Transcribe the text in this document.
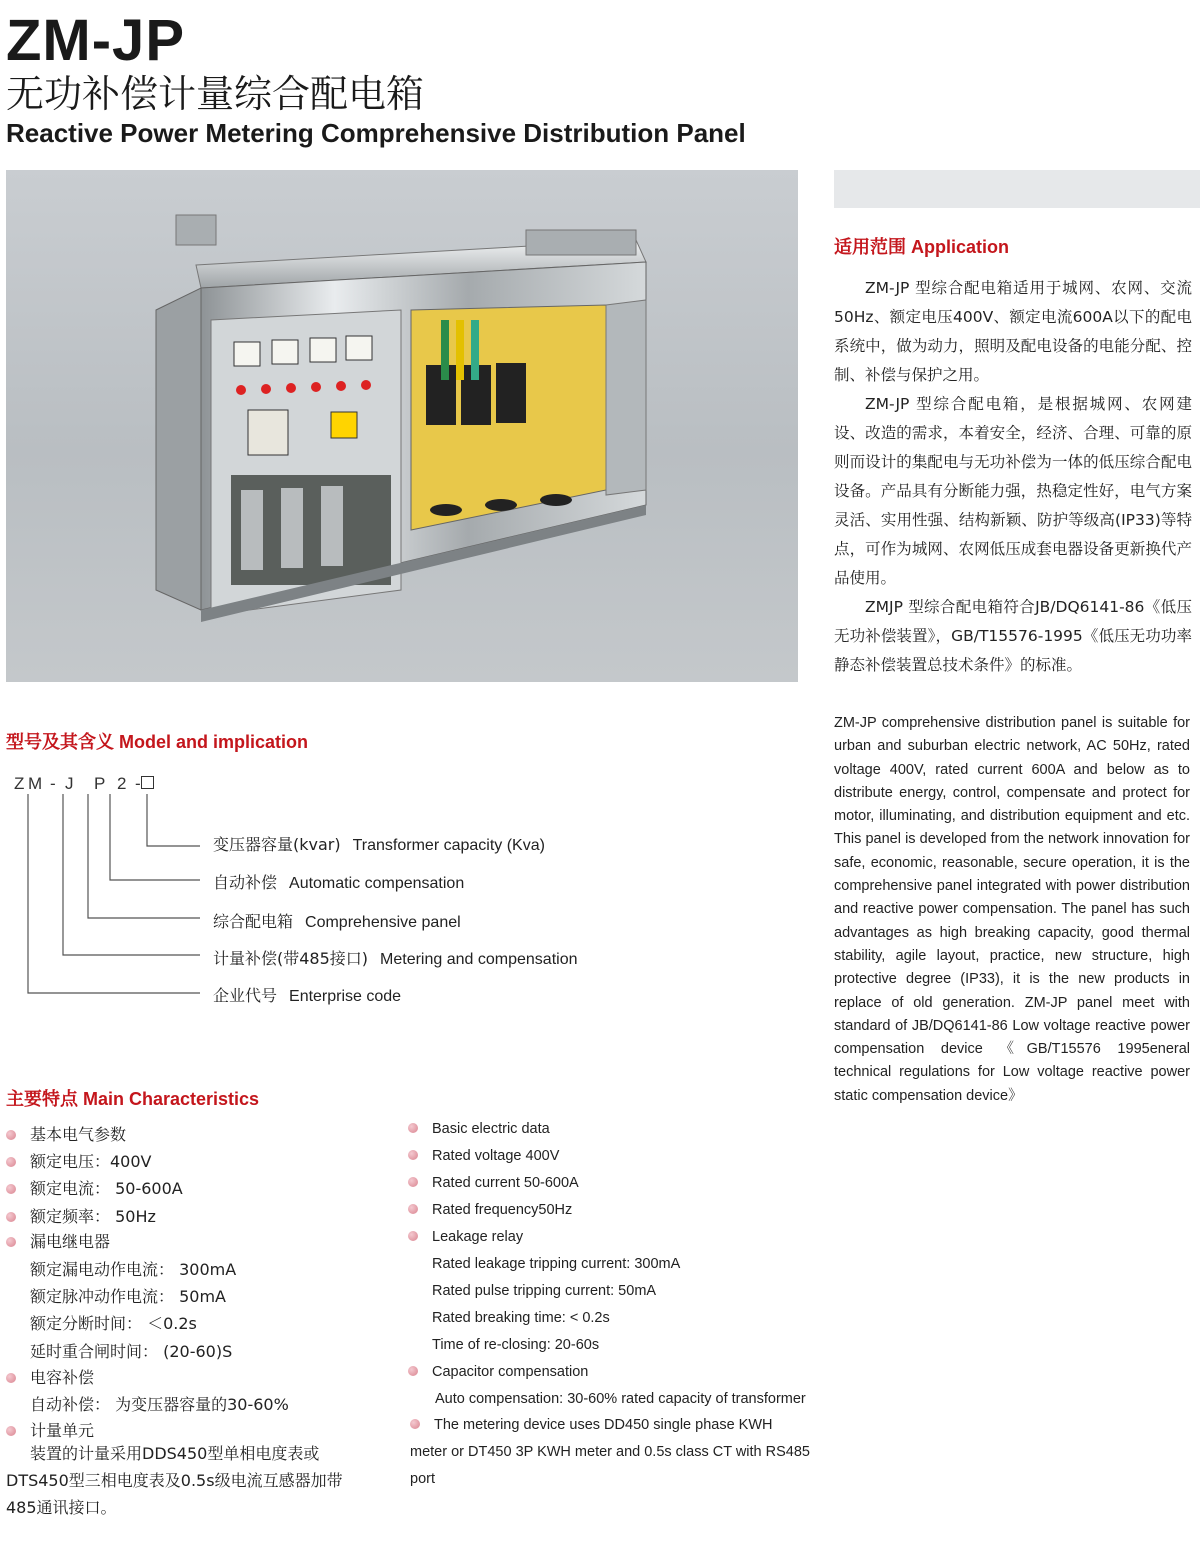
ZM-JP
无功补偿计量综合配电箱
Reactive Power Metering Comprehensive Distribution Panel
适用范围 Application

ZM-JP 型综合配电箱适用于城网、农网、交流50Hz、额定电压400V、额定电流600A以下的配电系统中，做为动力，照明及配电设备的电能分配、控制、补偿与保护之用。

ZM-JP 型综合配电箱，是根据城网、农网建设、改造的需求，本着安全，经济、合理、可靠的原则而设计的集配电与无功补偿为一体的低压综合配电设备。产品具有分断能力强，热稳定性好，电气方案灵活、实用性强、结构新颖、防护等级高(IP33)等特点，可作为城网、农网低压成套电器设备更新换代产品使用。

ZMJP 型综合配电箱符合JB/DQ6141-86《低压无功补偿装置》，GB/T15576-1995《低压无功功率静态补偿装置总技术条件》的标准。

ZM-JP comprehensive distribution panel is suitable for urban and suburban electric network, AC 50Hz, rated voltage 400V, rated current 600A and below as to distribute energy, control, compensate and protect for motor, illuminating, and distribution equipment and etc. This panel is developed from the network innovation for safe, economic, reasonable, secure operation, it is the comprehensive panel integrated with power distribution and reactive power compensation. The panel has such advantages as high breaking capacity, good thermal stability, agile layout, practice, new structure, high protective degree (IP33), it is the new products in replace of old generation. ZM-JP panel meet with standard of JB/DQ6141-86 Low voltage reactive power compensation device 《GB/T15576 1995eneral technical regulations for Low voltage reactive power static compensation device》
型号及其含义 Model and implication
Z M - J P 2 -
变压器容量(kvar) Transformer capacity (Kva)
自动补偿 Automatic compensation
综合配电箱 Comprehensive panel
计量补偿(带485接口) Metering and compensation
企业代号 Enterprise code
主要特点 Main Characteristics
基本电气参数
额定电压：400V
额定电流： 50-600A
额定频率： 50Hz
漏电继电器
额定漏电动作电流： 300mA
额定脉冲动作电流： 50mA
额定分断时间： ＜0.2s
延时重合闸时间： (20-60)S
电容补偿
自动补偿： 为变压器容量的30-60%
计量单元
装置的计量采用DDS450型单相电度表或DTS450型三相电度表及0.5s级电流互感器加带485通讯接口。
Basic electric data
Rated voltage 400V
Rated current 50-600A
Rated frequency50Hz
Leakage relay
Rated leakage tripping current: 300mA
Rated pulse tripping current: 50mA
Rated breaking time: < 0.2s
Time of re-closing: 20-60s
Capacitor compensation
Auto compensation: 30-60% rated capacity of transformer
The metering device uses DD450 single phase KWH meter or DT450 3P KWH meter and 0.5s class CT with RS485 port
